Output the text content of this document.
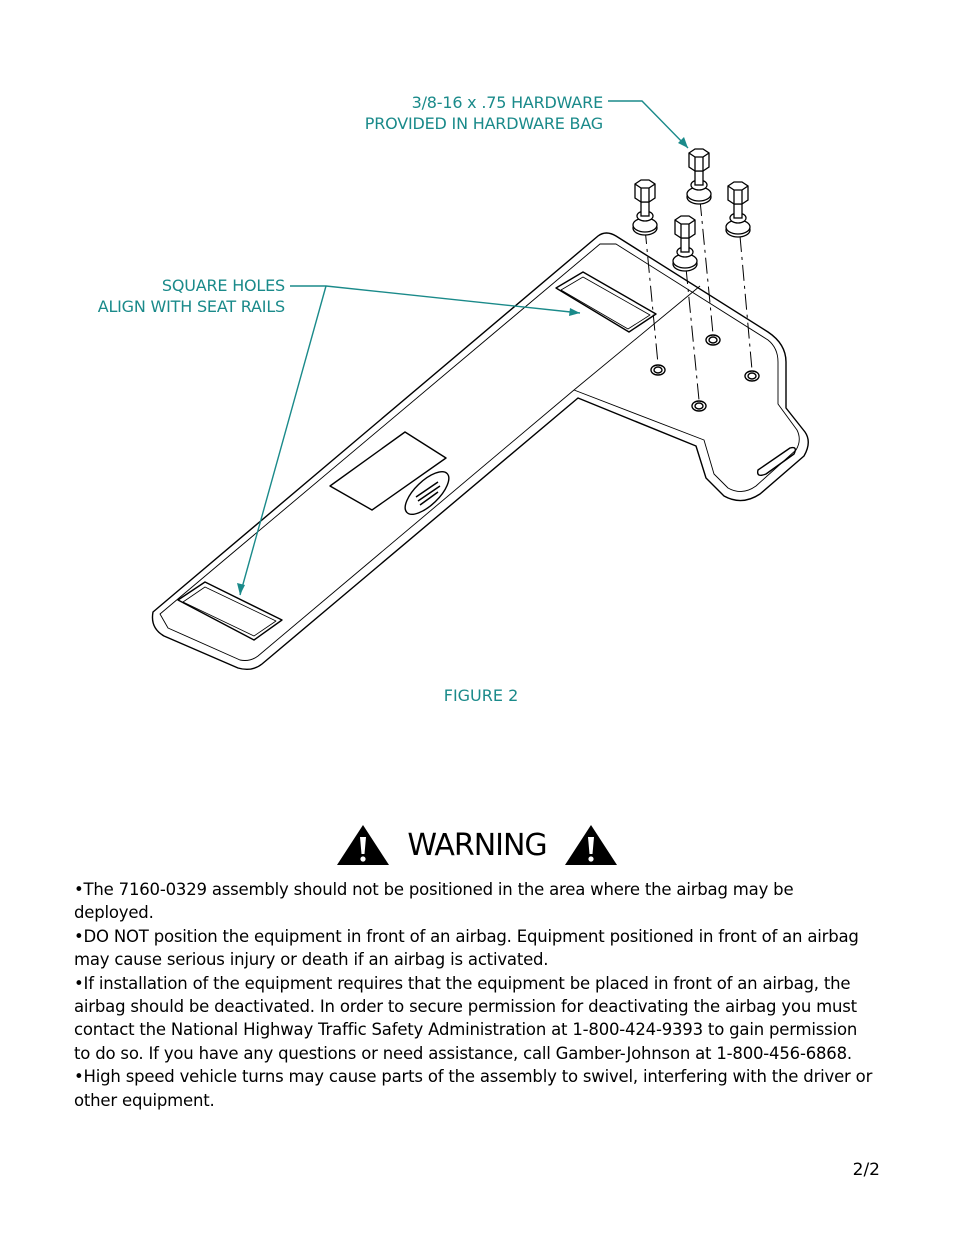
3/8-16 x .75 HARDWARE
PROVIDED IN HARDWARE BAG
SQUARE HOLES
ALIGN WITH SEAT RAILS
FIGURE 2
WARNING

•The 7160-0329 assembly should not be positioned in the area where the airbag may be deployed.

•DO NOT position the equipment in front of an airbag. Equipment positioned in front of an airbag may cause serious injury or death if an airbag is activated.

•If installation of the equipment requires that the equipment be placed in front of an airbag, the airbag should be deactivated. In order to secure permission for deactivating the airbag you must contact the National Highway Traffic Safety Administration at 1-800-424-9393 to gain permission to do so. If you have any questions or need assistance, call Gamber-Johnson at 1-800-456-6868.

•High speed vehicle turns may cause parts of the assembly to swivel, interfering with the driver or other equipment.

2/2
